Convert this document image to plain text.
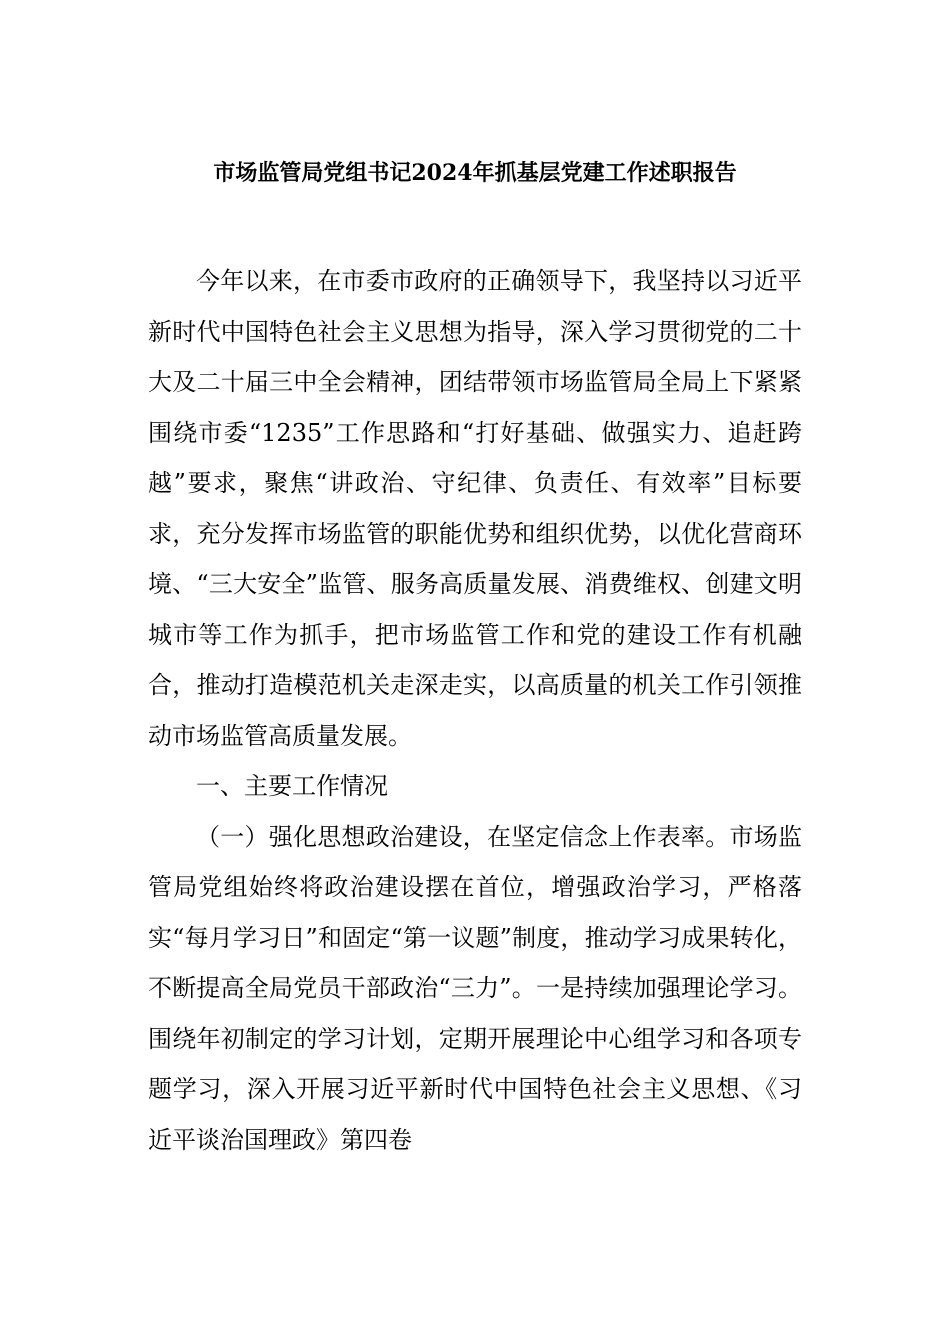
市场监管局党组书记2024年抓基层党建工作述职报告

今年以来，在市委市政府的正确领导下，我坚持以习近平新时代中国特色社会主义思想为指导，深入学习贯彻党的二十大及二十届三中全会精神，团结带领市场监管局全局上下紧紧围绕市委“1235”工作思路和“打好基础、做强实力、追赶跨越”要求，聚焦“讲政治、守纪律、负责任、有效率”目标要求，充分发挥市场监管的职能优势和组织优势，以优化营商环境、“三大安全”监管、服务高质量发展、消费维权、创建文明城市等工作为抓手，把市场监管工作和党的建设工作有机融合，推动打造模范机关走深走实，以高质量的机关工作引领推动市场监管高质量发展。

一、主要工作情况

（一）强化思想政治建设，在坚定信念上作表率。市场监管局党组始终将政治建设摆在首位，增强政治学习，严格落实“每月学习日”和固定“第一议题”制度，推动学习成果转化，不断提高全局党员干部政治“三力”。一是持续加强理论学习。围绕年初制定的学习计划，定期开展理论中心组学习和各项专题学习，深入开展习近平新时代中国特色社会主义思想、《习近平谈治国理政》第四卷
